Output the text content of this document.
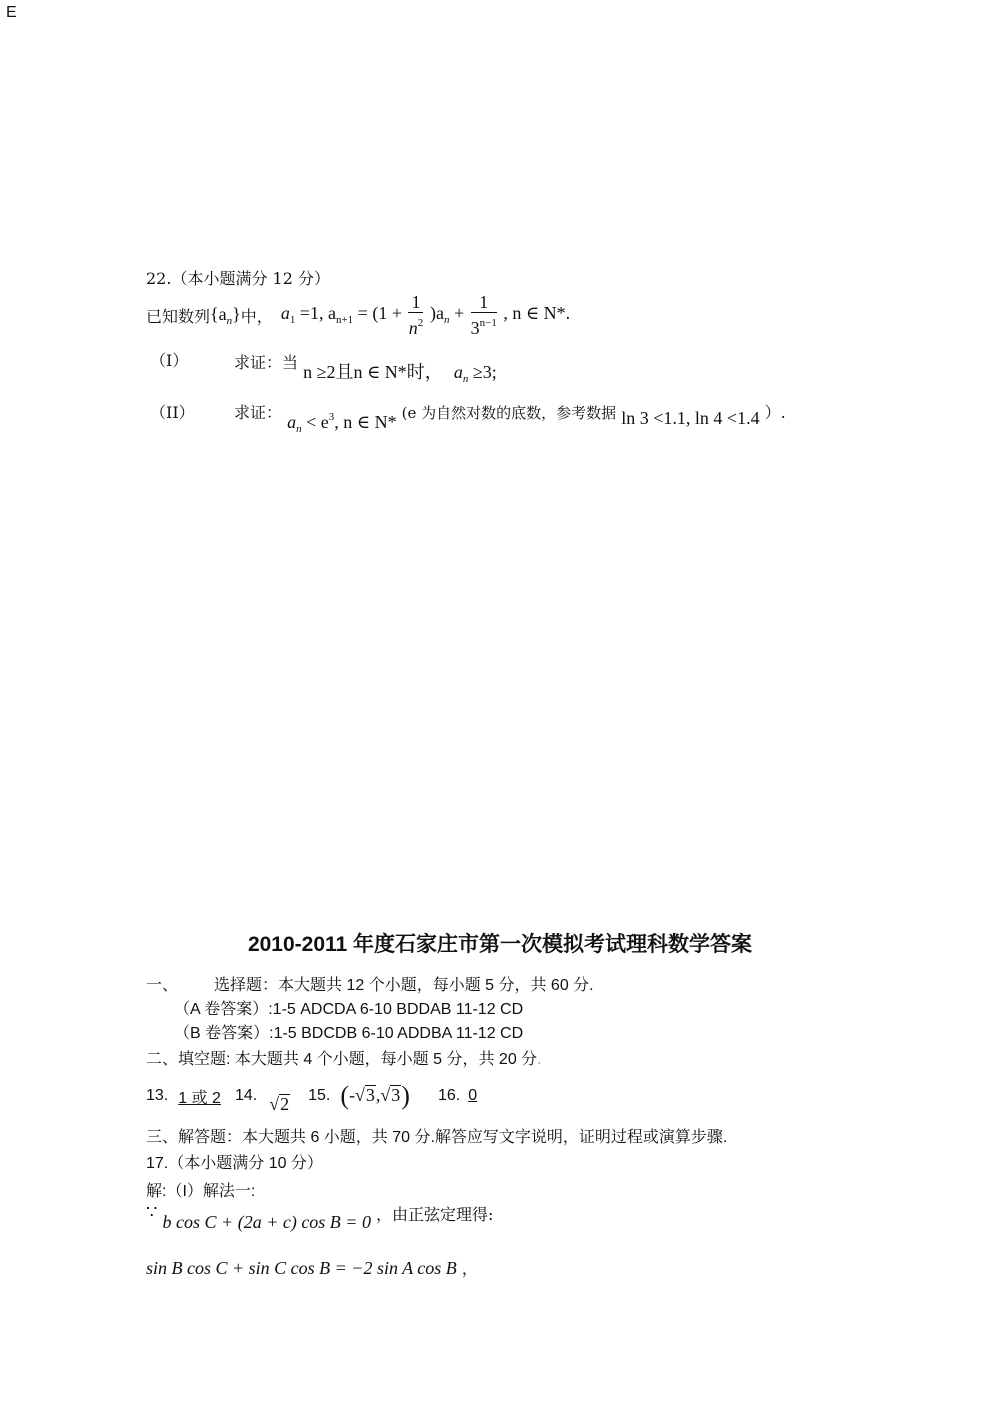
E
22.（本小题满分 12 分）
已知数列 $\{a_n\}$ 中， $a_1 =1$, $a_{n+1} = (1 + \frac{1}{n^2} )a_n + \frac{1}{3^{n-1}}$ , n ∈ N*.
（I）	求证：当 n ≥2且n ∈ N*时， $a_n \ge 3$;
（II） 求证： $a_n < e^3$, n ∈ N* (e 为自然对数的底数，参考数据 ln 3 <1.1, ln 4 <1.4 ）.
2010-2011 年度石家庄市第一次模拟考试理科数学答案
一、 选择题：本大题共 12 个小题，每小题 5 分，共 60 分.
（A 卷答案）:1-5 ADCDA 6-10 BDDAB 11-12 CD
（B 卷答案）:1-5 BDCDB 6-10 ADDBA 11-12 CD
二、填空题: 本大题共 4 个小题，每小题 5 分，共 20 分.
13. 1 或 2 14. √2 15. (-√3,√3) 16. 0
三、解答题：本大题共 6 小题，共 70 分.解答应写文字说明，证明过程或演算步骤.
17.（本小题满分 10 分）
解:（I）解法一:
∵ b cos C + (2a + c) cos B = 0 ，由正弦定理得:
sin B cos C + sin C cos B = −2 sin A cos B ，
